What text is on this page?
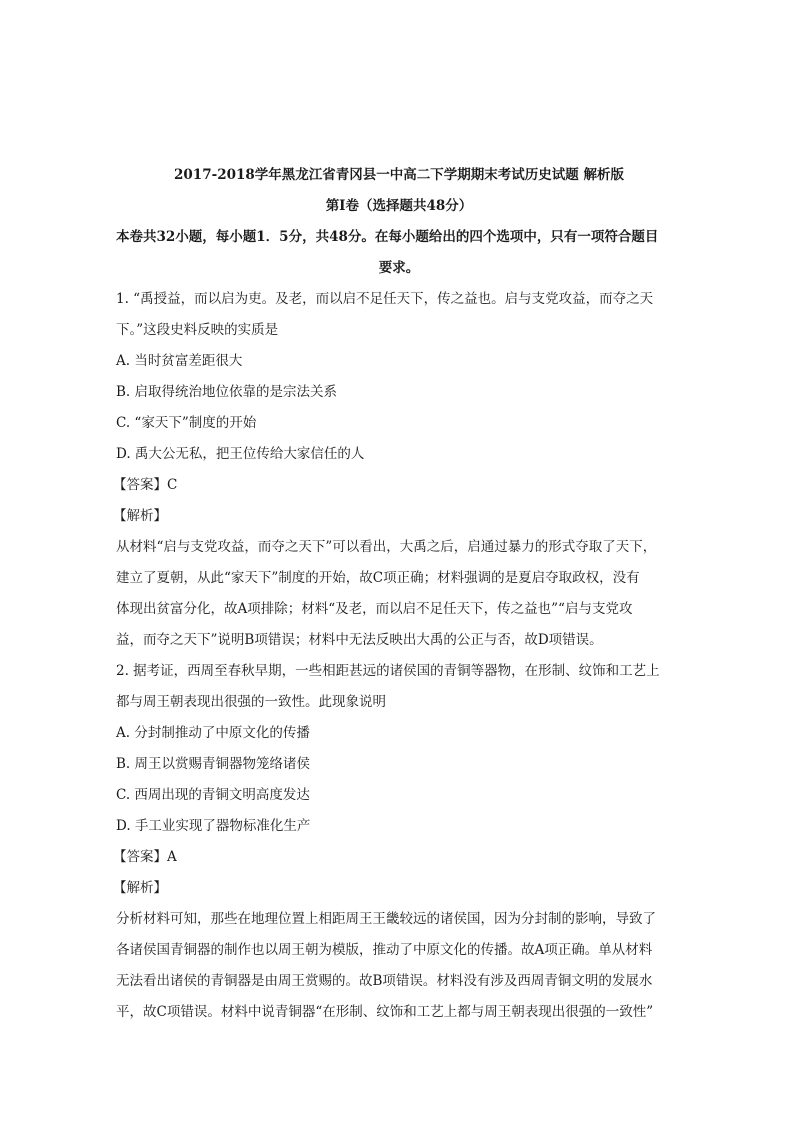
2017-2018学年黑龙江省青冈县一中高二下学期期末考试历史试题 解析版
第Ⅰ卷（选择题共48分）
本卷共32小题，每小题1．5分，共48分。在每小题给出的四个选项中，只有一项符合题目
要求。

1. “禹授益，而以启为吏。及老，而以启不足任天下，传之益也。启与支党攻益，而夺之天

下。”这段史料反映的实质是

A. 当时贫富差距很大
B. 启取得统治地位依靠的是宗法关系
C. “家天下”制度的开始
D. 禹大公无私，把王位传给大家信任的人

【答案】C

【解析】

从材料“启与支党攻益，而夺之天下”可以看出，大禹之后，启通过暴力的形式夺取了天下，

建立了夏朝，从此“家天下”制度的开始，故C项正确；材料强调的是夏启夺取政权，没有

体现出贫富分化，故A项排除；材料“及老，而以启不足任天下，传之益也”“启与支党攻

益，而夺之天下”说明B项错误；材料中无法反映出大禹的公正与否，故D项错误。

2. 据考证，西周至春秋早期，一些相距甚远的诸侯国的青铜等器物，在形制、纹饰和工艺上

都与周王朝表现出很强的一致性。此现象说明

A. 分封制推动了中原文化的传播
B. 周王以赏赐青铜器物笼络诸侯
C. 西周出现的青铜文明高度发达
D. 手工业实现了器物标准化生产

【答案】A

【解析】

分析材料可知，那些在地理位置上相距周王王畿较远的诸侯国，因为分封制的影响，导致了

各诸侯国青铜器的制作也以周王朝为模版，推动了中原文化的传播。故A项正确。单从材料

无法看出诸侯的青铜器是由周王赏赐的。故B项错误。材料没有涉及西周青铜文明的发展水

平，故C项错误。材料中说青铜器“在形制、纹饰和工艺上都与周王朝表现出很强的一致性”
